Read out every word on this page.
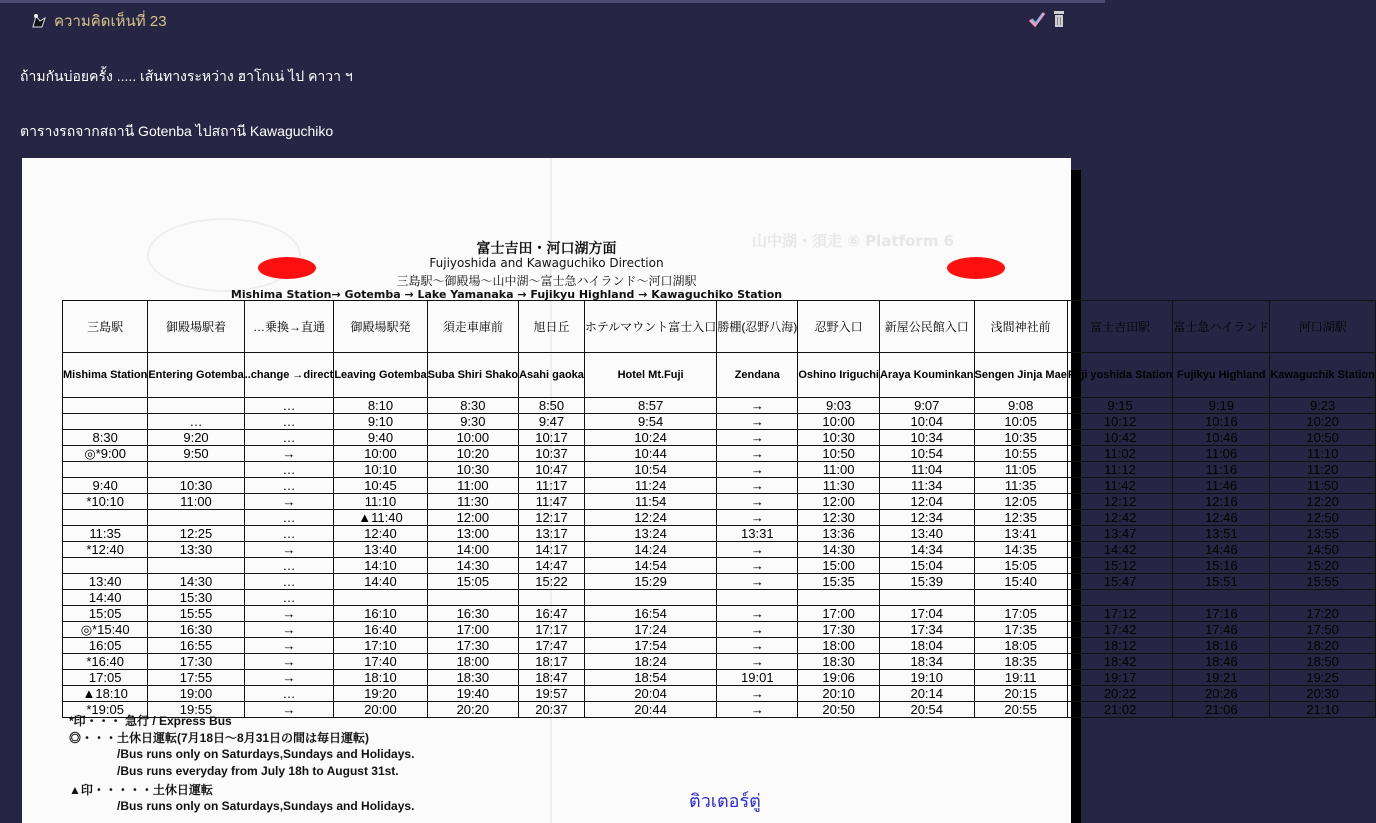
ความคิดเห็นที่ 23
ถ้ามกันบ่อยครั้ง ..... เส้นทางระหว่าง ฮาโกเน่ ไป คาวา ฯ
ตารางรถจากสถานี Gotenba ไปสถานี Kawaguchiko
山中湖・須走 ⑥ Platform 6
富士吉田・河口湖方面
Fujiyoshida and Kawaguchiko Direction
三島駅〜御殿場〜山中湖〜富士急ハイランド〜河口湖駅
Mishima Station→ Gotemba → Lake Yamanaka → Fujikyu Highland → Kawaguchiko Station
三島駅	御殿場駅着	…乗換→直通	御殿場駅発	須走車庫前	旭日丘	ホテルマウント富士入口	勝棚(忍野八海)	忍野入口	新屋公民館入口	浅間神社前	富士吉田駅	富士急ハイランド	河口湖駅
Mishima Station	Entering Gotemba	..change →direct	Leaving Gotemba	Suba Shiri Shako	Asahi gaoka	Hotel Mt.Fuji	Zendana	Oshino Iriguchi	Araya Kouminkan	Sengen Jinja Mae	Fuji yoshida Station	Fujikyu Highland	Kawaguchik Station
		…	8:10	8:30	8:50	8:57	→	9:03	9:07	9:08	9:15	9:19	9:23
	…	…	9:10	9:30	9:47	9:54	→	10:00	10:04	10:05	10:12	10:16	10:20
8:30	9:20	…	9:40	10:00	10:17	10:24	→	10:30	10:34	10:35	10:42	10:46	10:50
◎*9:00	9:50	→	10:00	10:20	10:37	10:44	→	10:50	10:54	10:55	11:02	11:06	11:10
		…	10:10	10:30	10:47	10:54	→	11:00	11:04	11:05	11:12	11:16	11:20
9:40	10:30	…	10:45	11:00	11:17	11:24	→	11:30	11:34	11:35	11:42	11:46	11:50
*10:10	11:00	→	11:10	11:30	11:47	11:54	→	12:00	12:04	12:05	12:12	12:16	12:20
		…	▲11:40	12:00	12:17	12:24	→	12:30	12:34	12:35	12:42	12:46	12:50
11:35	12:25	…	12:40	13:00	13:17	13:24	13:31	13:36	13:40	13:41	13:47	13:51	13:55
*12:40	13:30	→	13:40	14:00	14:17	14:24	→	14:30	14:34	14:35	14:42	14:46	14:50
		…	14:10	14:30	14:47	14:54	→	15:00	15:04	15:05	15:12	15:16	15:20
13:40	14:30	…	14:40	15:05	15:22	15:29	→	15:35	15:39	15:40	15:47	15:51	15:55
14:40	15:30	…											
15:05	15:55	→	16:10	16:30	16:47	16:54	→	17:00	17:04	17:05	17:12	17:16	17:20
◎*15:40	16:30	→	16:40	17:00	17:17	17:24	→	17:30	17:34	17:35	17:42	17:46	17:50
16:05	16:55	→	17:10	17:30	17:47	17:54	→	18:00	18:04	18:05	18:12	18:16	18:20
*16:40	17:30	→	17:40	18:00	18:17	18:24	→	18:30	18:34	18:35	18:42	18:46	18:50
17:05	17:55	→	18:10	18:30	18:47	18:54	19:01	19:06	19:10	19:11	19:17	19:21	19:25
▲18:10	19:00	…	19:20	19:40	19:57	20:04	→	20:10	20:14	20:15	20:22	20:26	20:30
*19:05	19:55	→	20:00	20:20	20:37	20:44	→	20:50	20:54	20:55	21:02	21:06	21:10
*印・・・ 急行 / Express Bus
◎・・・土休日運転(7月18日〜8月31日の間は毎日運転)
/Bus runs only on Saturdays,Sundays and Holidays.
/Bus runs everyday from July 18h to August 31st.
▲印・・・・・土休日運転
/Bus runs only on Saturdays,Sundays and Holidays.	ติวเตอร์ตู่
